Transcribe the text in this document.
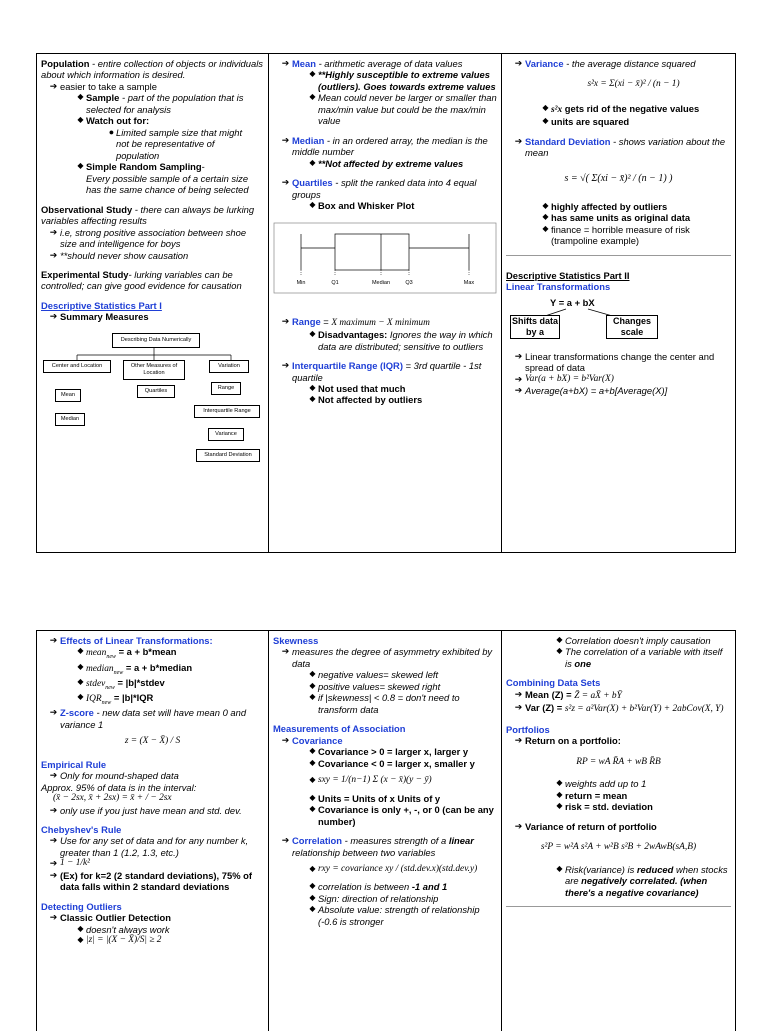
Population - entire collection of objects or individuals about which information is desired.

➔ easier to take a sample
◆ Sample - part of the population that is selected for analysis
◆ Watch out for:
● Limited sample size that might not be representative of population
◆ Simple Random Sampling-
Every possible sample of a certain size has the same chance of being selected

Observational Study - there can always be lurking variables affecting results

➔ i.e, strong positive association between shoe size and intelligence for boys
➔ **should never show causation

Experimental Study- lurking variables can be controlled; can give good evidence for causation

Descriptive Statistics Part I

➔ Summary Measures
Describing Data Numerically
Center and Location	Other Measures of Location
Variation
Mean
Median
Quartiles	Range
Interquartile Range
Variance
Standard Deviation
➔ Mean - arithmetic average of data values
◆ **Highly susceptible to extreme values (outliers). Goes towards extreme values
◆ Mean could never be larger or smaller than max/min value but could be the max/min value
➔ Median - in an ordered array, the median is the middle number
◆ **Not affected by extreme values
➔ Quartiles - split the ranked data into 4 equal groups
◆ Box and Whisker Plot
Min	Q1	Median	Q3	Max
➔ Range = X maximum − X minimum
◆ Disadvantages: Ignores the way in which data are distributed; sensitive to outliers
➔ Interquartile Range (IQR) = 3rd quartile - 1st quartile
◆ Not used that much
◆ Not affected by outliers
➔ Variance - the average distance squared
s²x = Σ(xi − x̄)² / (n − 1)
◆ s²x gets rid of the negative values
◆ units are squared
➔ Standard Deviation - shows variation about the mean
s = √( Σ(xi − x̄)² / (n − 1) )
◆ highly affected by outliers
◆ has same units as original data
◆ finance = horrible measure of risk (trampoline example)

Descriptive Statistics Part II

Linear Transformations

Y = a + bX
Shifts data by a
Changes scale
➔ Linear transformations change the center and spread of data
➔ Var(a + bX) = b²Var(X)
➔ Average(a+bX) = a+b[Average(X)]
➔ Effects of Linear Transformations:
◆ mean$_{new}$ = a + b*mean
◆ median$_{new}$ = a + b*median
◆ stdev$_{new}$ = |b|*stdev
◆ $IQR_{new} = |b|*IQR$
➔ Z-score - new data set will have mean 0 and variance 1
z = (X − X̄) / S

Empirical Rule

➔ Only for mound-shaped data

Approx. 95% of data is in the interval:

(x̄ − 2sx, x̄ + 2sx) = x̄ + / − 2sx

➔ only use if you just have mean and std. dev.

Chebyshev's Rule

➔ Use for any set of data and for any number k, greater than 1 (1.2, 1.3, etc.)
➔ 1 − 1/k²
➔ (Ex) for k=2 (2 standard deviations), 75% of data falls within 2 standard deviations

Detecting Outliers

➔ Classic Outlier Detection
◆ doesn't always work
◆ |z| = |(X − X̄)/S| ≥ 2

Skewness

➔ measures the degree of asymmetry exhibited by data
◆ negative values= skewed left
◆ positive values= skewed right
◆ if |skewness| < 0.8 = don't need to transform data

Measurements of Association

➔ Covariance
◆ Covariance > 0 = larger x, larger y
◆ Covariance < 0 = larger x, smaller y
◆ sxy = 1/(n−1) Σ (x − x̄)(y − ȳ)
◆ Units = Units of x Units of y
◆ Covariance is only +, -, or 0 (can be any number)
➔ Correlation - measures strength of a linear relationship between two variables
◆ rxy = covariance xy / (std.dev.x)(std.dev.y)
◆ correlation is between -1 and 1
◆ Sign: direction of relationship
◆ Absolute value: strength of relationship (-0.6 is stronger
◆ Correlation doesn't imply causation
◆ The correlation of a variable with itself is one

Combining Data Sets

➔ Mean (Z) = Z̄ = aX̄ + bȲ
➔ Var (Z) = s²z = a²Var(X) + b²Var(Y) + 2abCov(X, Y)

Portfolios

➔ Return on a portfolio:
RP = wA R̄A + wB R̄B
◆ weights add up to 1
◆ return = mean
◆ risk = std. deviation
➔ Variance of return of portfolio
s²P = w²A s²A + w²B s²B + 2wAwB(sA,B)
◆ Risk(variance) is reduced when stocks are negatively correlated. (when there's a negative covariance)
